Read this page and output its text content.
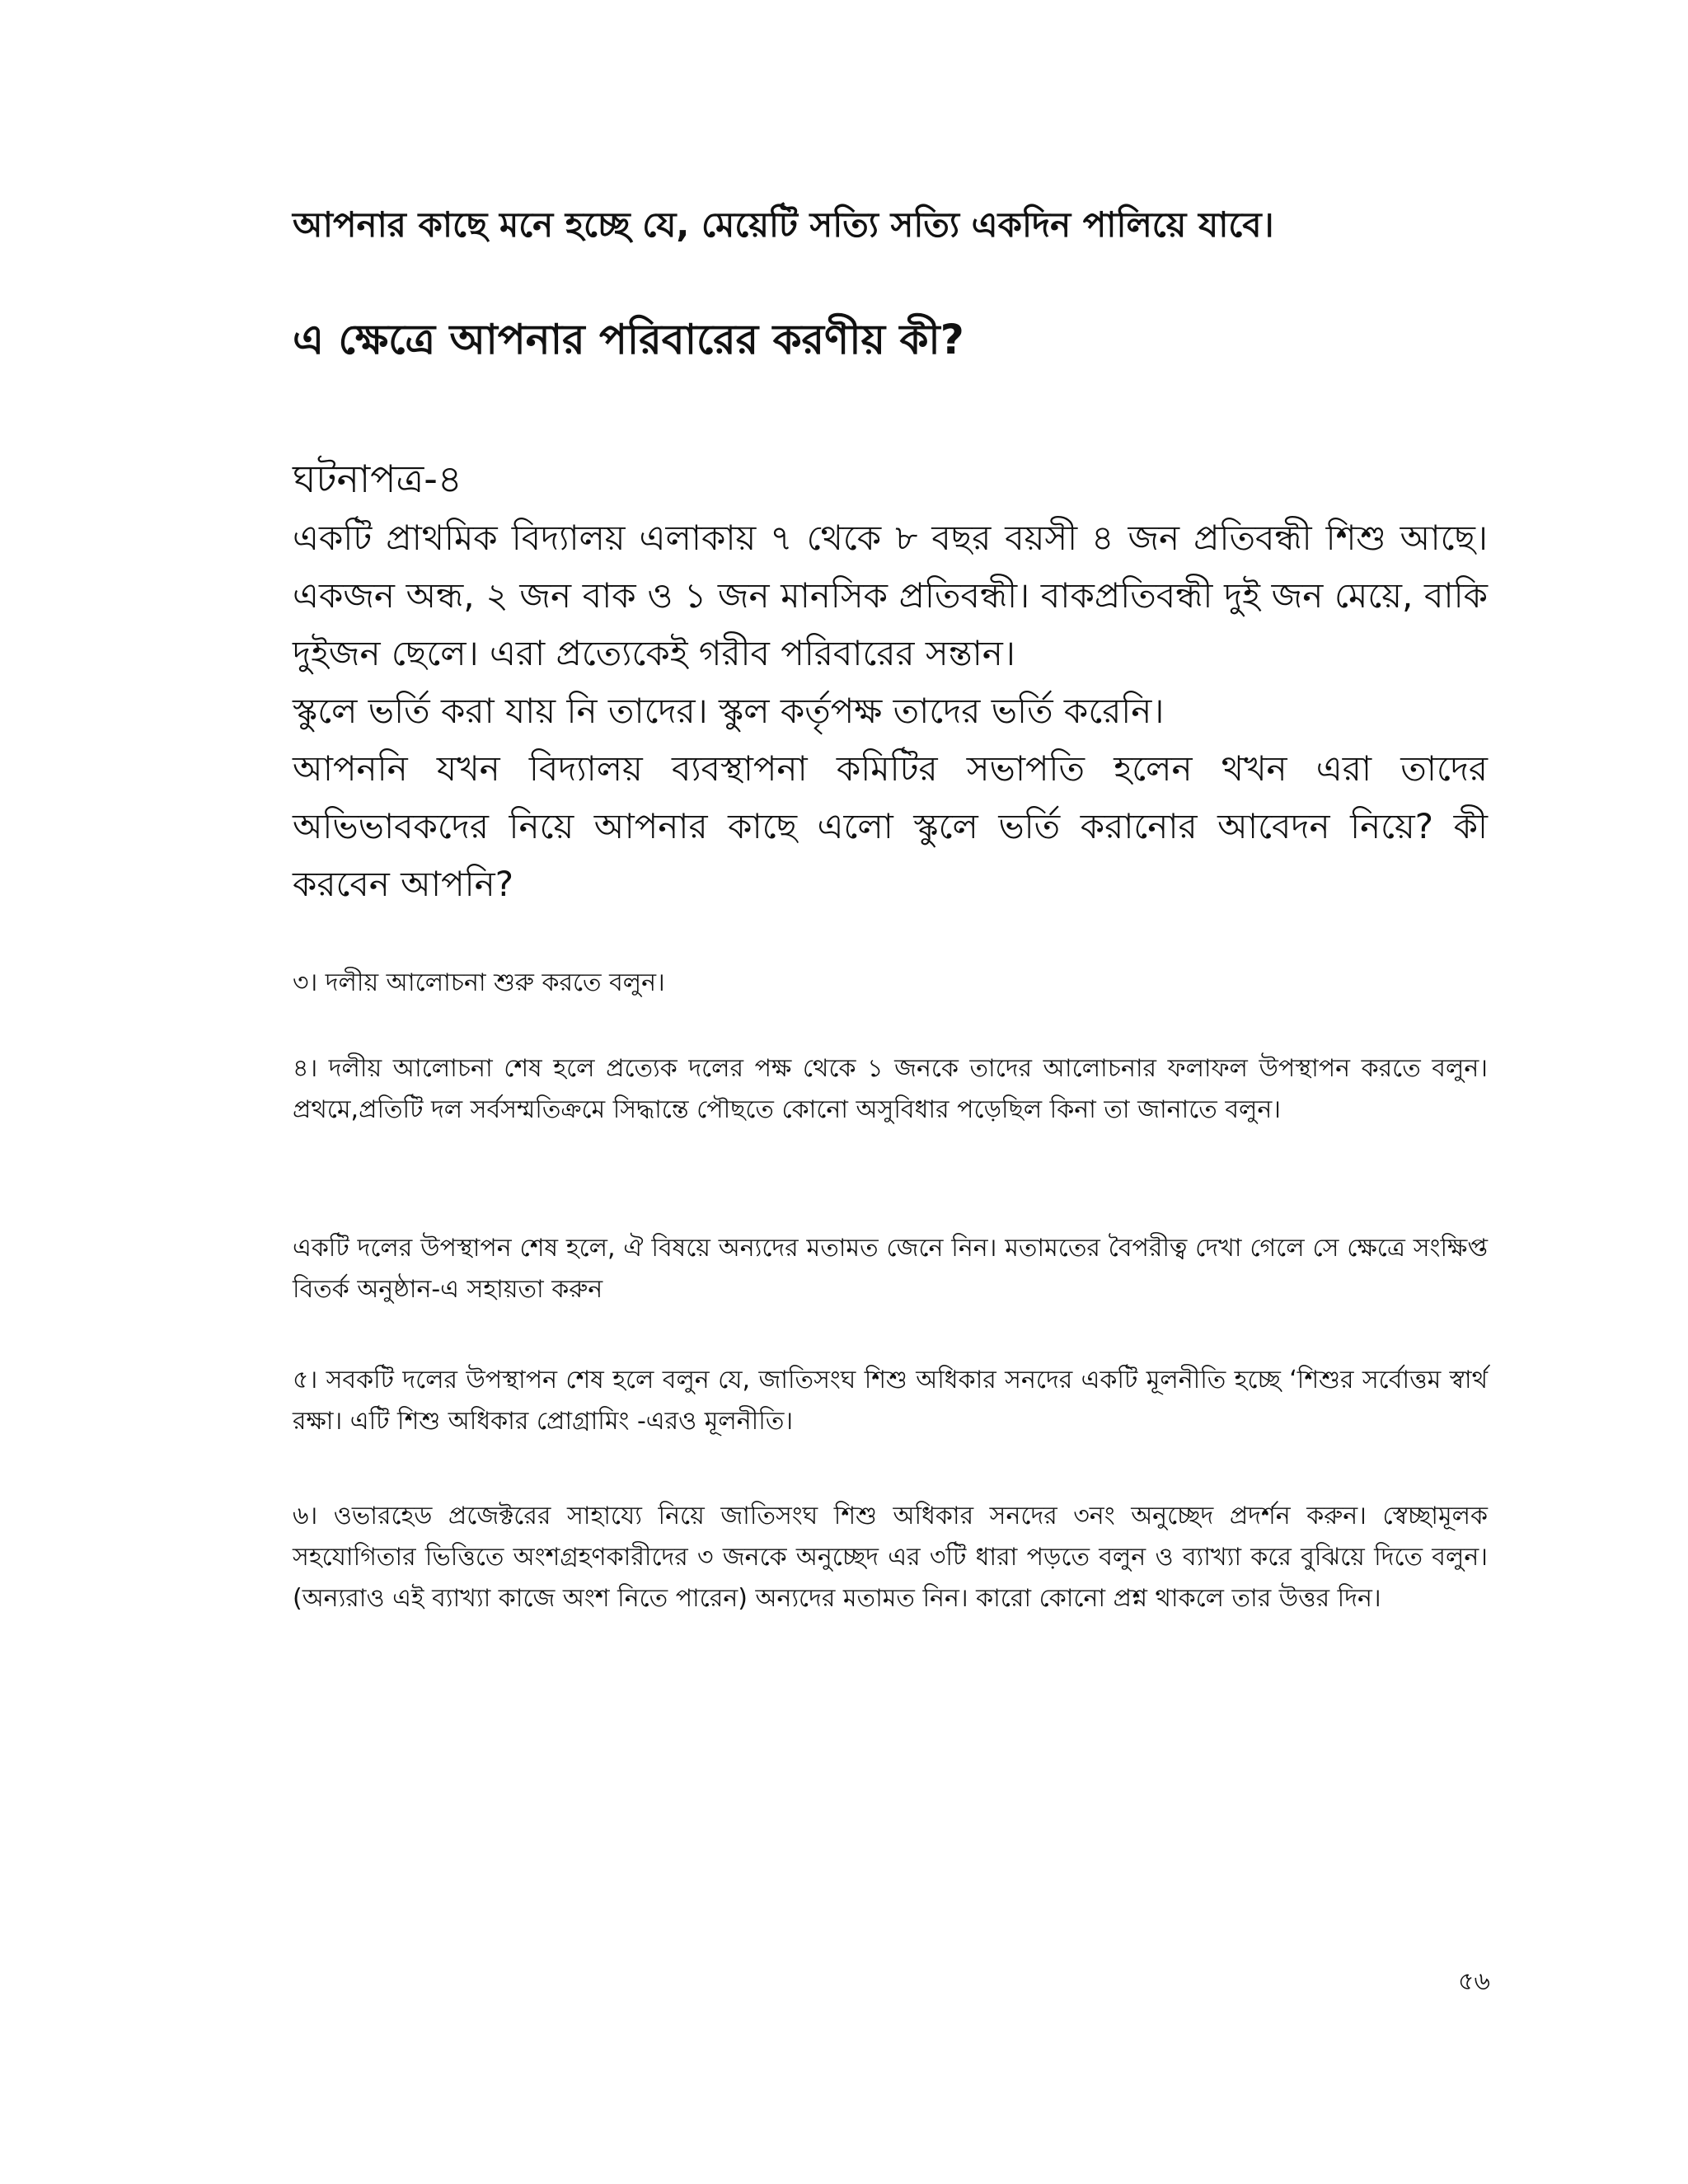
আপনার কাছে মনে হচ্ছে যে, মেয়েটি সত্যি সত্যি একদিন পালিয়ে যাবে।

এ ক্ষেত্রে আপনার পরিবারের করণীয় কী?

ঘটনাপত্র-৪

একটি প্রাথমিক বিদ্যালয় এলাকায় ৭ থেকে ৮ বছর বয়সী ৪ জন প্রতিবন্ধী শিশু আছে। একজন অন্ধ, ২ জন বাক ও ১ জন মানসিক প্রতিবন্ধী। বাকপ্রতিবন্ধী দুই জন মেয়ে, বাকি দুইজন ছেলে। এরা প্রত্যেকেই গরীব পরিবারের সন্তান।

স্কুলে ভর্তি করা যায় নি তাদের। স্কুল কর্তৃপক্ষ তাদের ভর্তি করেনি।

আপননি যখন বিদ্যালয় ব্যবস্থাপনা কমিটির সভাপতি হলেন থখন এরা তাদের অভিভাবকদের নিয়ে আপনার কাছে এলো স্কুলে ভর্তি করানোর আবেদন নিয়ে? কী করবেন আপনি?

৩। দলীয় আলোচনা শুরু করতে বলুন।

৪। দলীয় আলোচনা শেষ হলে প্রত্যেক দলের পক্ষ থেকে ১ জনকে তাদের আলোচনার ফলাফল উপস্থাপন করতে বলুন। প্রথমে,প্রতিটি দল সর্বসম্মতিক্রমে সিদ্ধান্তে পৌছতে কোনো অসুবিধার পড়েছিল কিনা তা জানাতে বলুন।

একটি দলের উপস্থাপন শেষ হলে, ঐ বিষয়ে অন্যদের মতামত জেনে নিন। মতামতের বৈপরীত্ব দেখা গেলে সে ক্ষেত্রে সংক্ষিপ্ত বিতর্ক অনুষ্ঠান-এ সহায়তা করুন

৫। সবকটি দলের উপস্থাপন শেষ হলে বলুন যে, জাতিসংঘ শিশু অধিকার সনদের একটি মূলনীতি হচ্ছে ‘শিশুর সর্বোত্তম স্বার্থ রক্ষা। এটি শিশু অধিকার প্রোগ্রামিং -এরও মূলনীতি।

৬। ওভারহেড প্রজেক্টরের সাহায্যে নিয়ে জাতিসংঘ শিশু অধিকার সনদের ৩নং অনুচ্ছেদ প্রদর্শন করুন। স্বেচ্ছামূলক সহযোগিতার ভিত্তিতে অংশগ্রহণকারীদের ৩ জনকে অনুচ্ছেদ এর ৩টি ধারা পড়তে বলুন ও ব্যাখ্যা করে বুঝিয়ে দিতে বলুন। (অন্যরাও এই ব্যাখ্যা কাজে অংশ নিতে পারেন) অন্যদের মতামত নিন। কারো কোনো প্রশ্ন থাকলে তার উত্তর দিন।

৫৬
